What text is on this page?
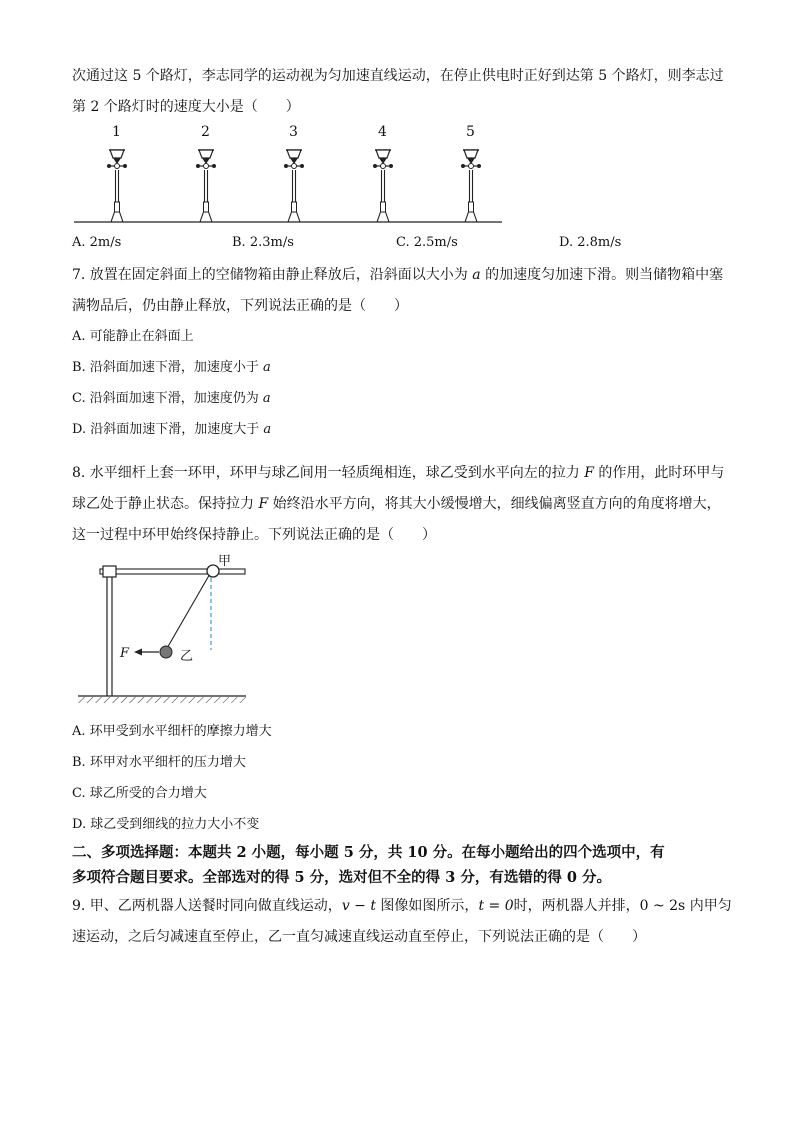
次通过这 5 个路灯，李志同学的运动视为匀加速直线运动，在停止供电时正好到达第 5 个路灯，则李志过
第 2 个路灯时的速度大小是（　　）
1	2	3	4	5
A. 2m/s	B. 2.3m/s	C. 2.5m/s	D. 2.8m/s
7. 放置在固定斜面上的空储物箱由静止释放后，沿斜面以大小为 a 的加速度匀加速下滑。则当储物箱中塞
满物品后，仍由静止释放，下列说法正确的是（　　）
A. 可能静止在斜面上
B. 沿斜面加速下滑，加速度小于 a
C. 沿斜面加速下滑，加速度仍为 a
D. 沿斜面加速下滑，加速度大于 a
8. 水平细杆上套一环甲，环甲与球乙间用一轻质绳相连，球乙受到水平向左的拉力 F 的作用，此时环甲与
球乙处于静止状态。保持拉力 F 始终沿水平方向，将其大小缓慢增大，细线偏离竖直方向的角度将增大，
这一过程中环甲始终保持静止。下列说法正确的是（　　）
甲
乙
F
A. 环甲受到水平细杆的摩擦力增大
B. 环甲对水平细杆的压力增大
C. 球乙所受的合力增大
D. 球乙受到细线的拉力大小不变
二、多项选择题：本题共 2 小题，每小题 5 分，共 10 分。在每小题给出的四个选项中，有
多项符合题目要求。全部选对的得 5 分，选对但不全的得 3 分，有选错的得 0 分。
9. 甲、乙两机器人送餐时同向做直线运动，v − t 图像如图所示，t = 0时，两机器人并排，0 ~ 2s 内甲匀
速运动，之后匀减速直至停止，乙一直匀减速直线运动直至停止，下列说法正确的是（　　）
